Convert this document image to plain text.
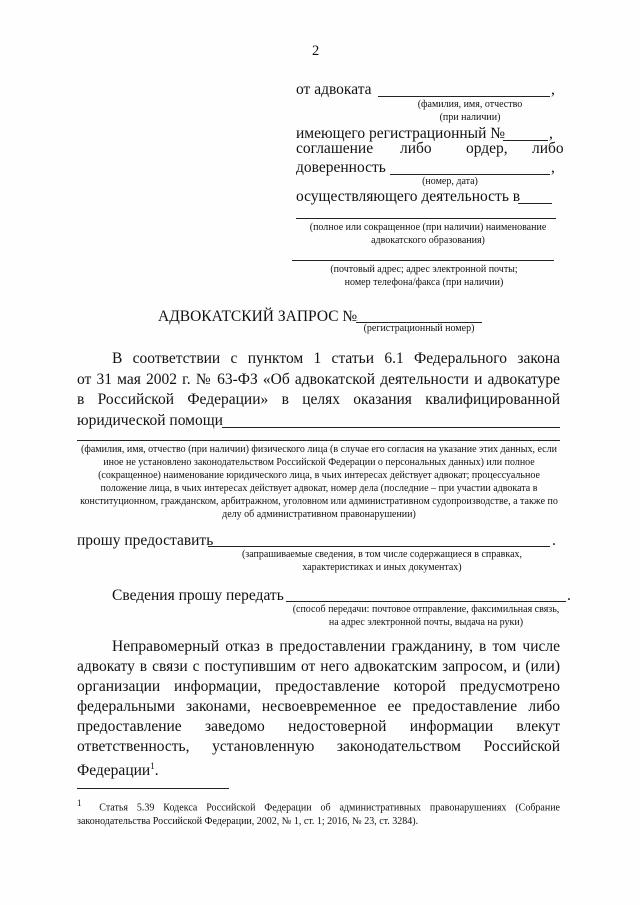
2
от адвоката	,
(фамилия, имя, отчество
(при наличии)
имеющего регистрационный №	,
соглашение либо ордер, либо
доверенность	,
(номер, дата)
осуществляющего деятельность в
(полное или сокращенное (при наличии) наименование адвокатского образования)
(почтовый адрес; адрес электронной почты; номер телефона/факса (при наличии)
АДВОКАТСКИЙ ЗАПРОС №
(регистрационный номер)
В соответствии с пунктом 1 статьи 6.1 Федерального закона
от 31 мая 2002 г. № 63-ФЗ «Об адвокатской деятельности и адвокатуре
в Российской Федерации» в целях оказания квалифицированной
юридической помощи
(фамилия, имя, отчество (при наличии) физического лица (в случае его согласия на указание этих данных, если иное не установлено законодательством Российской Федерации о персональных данных) или полное (сокращенное) наименование юридического лица, в чьих интересах действует адвокат; процессуальное положение лица, в чьих интересах действует адвокат, номер дела (последние – при участии адвоката в конституционном, гражданском, арбитражном, уголовном или административном судопроизводстве, а также по делу об административном правонарушении)
прошу предоставить	.
(запрашиваемые сведения, в том числе содержащиеся в справках, характеристиках и иных документах)
Сведения прошу передать	.
(способ передачи: почтовое отправление, факсимильная связь, на адрес электронной почты, выдача на руки)
Неправомерный отказ в предоставлении гражданину, в том числе
адвокату в связи с поступившим от него адвокатским запросом, и (или)
организации информации, предоставление которой предусмотрено
федеральными законами, несвоевременное ее предоставление либо
предоставление заведомо недостоверной информации влекут
ответственность, установленную законодательством Российской
Федерации$^1$.
$^1$ Статья 5.39 Кодекса Российской Федерации об административных правонарушениях (Собрание законодательства Российской Федерации, 2002, № 1, ст. 1; 2016, № 23, ст. 3284).
